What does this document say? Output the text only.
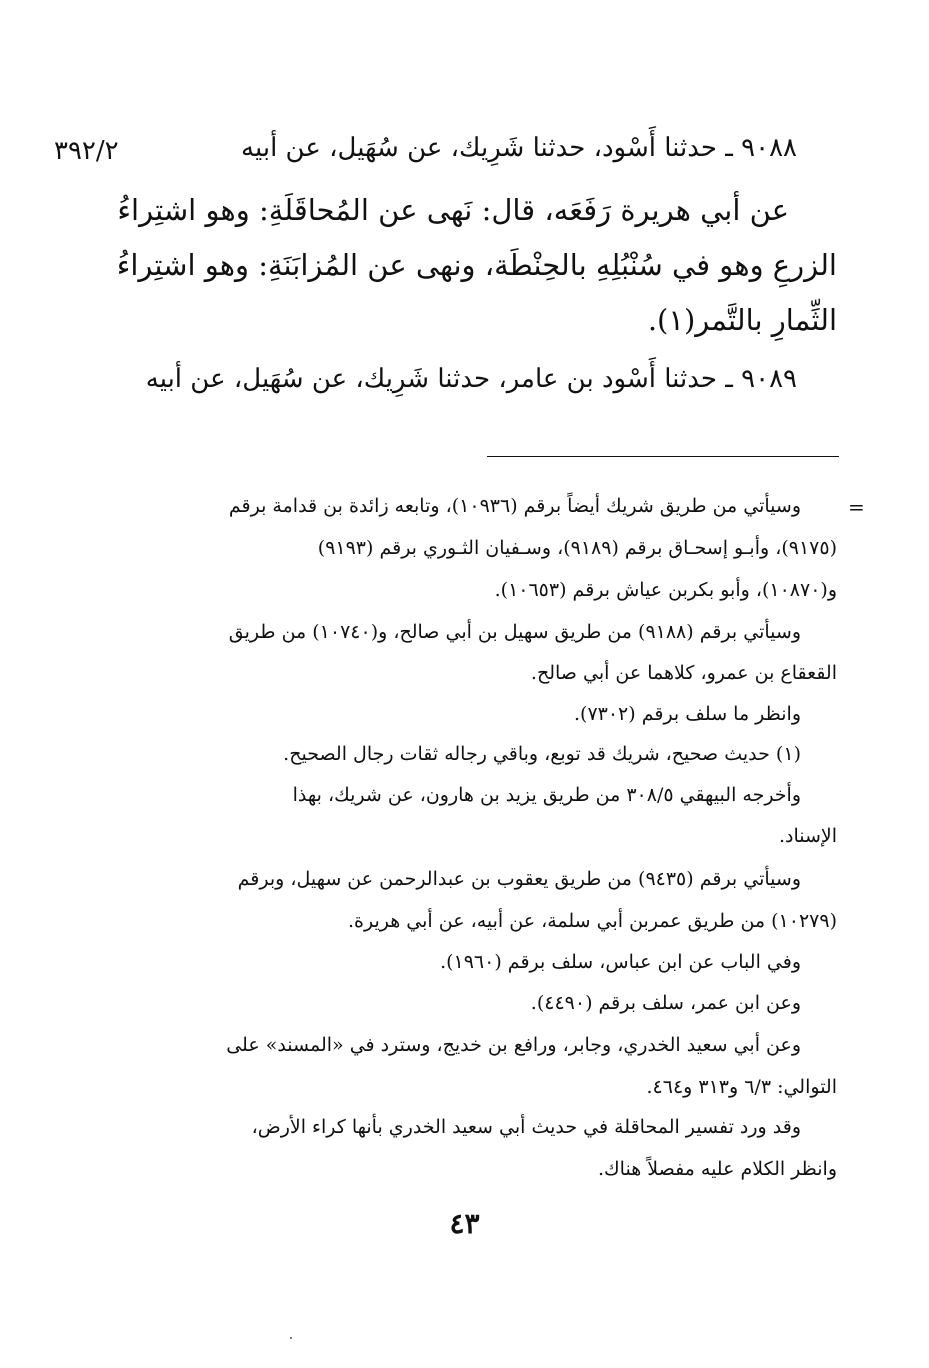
٣٩٢/٢	٩٠٨٨ ـ حدثنا أَسْود، حدثنا شَرِيك، عن سُهَيل، عن أبيه
عن أبي هريرة رَفَعَه، قال: نَهى عن المُحاقَلَةِ: وهو اشتِراءُ
الزرعِ وهو في سُنْبُلِهِ بالحِنْطَة، ونهى عن المُزابَنَةِ: وهو اشتِراءُ
الثِّمارِ بالتَّمر(١).
٩٠٨٩ ـ حدثنا أَسْود بن عامر، حدثنا شَرِيك، عن سُهَيل، عن أبيه
=
وسيأتي من طريق شريك أيضاً برقم (١٠٩٣٦)، وتابعه زائدة بن قدامة برقم
(٩١٧٥)، وأبـو إسحـاق برقم (٩١٨٩)، وسـفيان الثـوري برقم (٩١٩٣)
و(١٠٨٧٠)، وأبو بكربن عياش برقم (١٠٦٥٣).
وسيأتي برقم (٩١٨٨) من طريق سهيل بن أبي صالح، و(١٠٧٤٠) من طريق
القعقاع بن عمرو، كلاهما عن أبي صالح.
وانظر ما سلف برقم (٧٣٠٢).
(١) حديث صحيح، شريك قد توبع، وباقي رجاله ثقات رجال الصحيح.
وأخرجه البيهقي ٣٠٨/٥ من طريق يزيد بن هارون، عن شريك، بهذا
الإسناد.
وسيأتي برقم (٩٤٣٥) من طريق يعقوب بن عبدالرحمن عن سهيل، وبرقم
(١٠٢٧٩) من طريق عمربن أبي سلمة، عن أبيه، عن أبي هريرة.
وفي الباب عن ابن عباس، سلف برقم (١٩٦٠).
وعن ابن عمر، سلف برقم (٤٤٩٠).
وعن أبي سعيد الخدري، وجابر، ورافع بن خديج، وسترد في «المسند» على
التوالي: ٦/٣ و٣١٣ و٤٦٤.
وقد ورد تفسير المحاقلة في حديث أبي سعيد الخدري بأنها كراء الأرض،
وانظر الكلام عليه مفصلاً هناك.
٤٣
